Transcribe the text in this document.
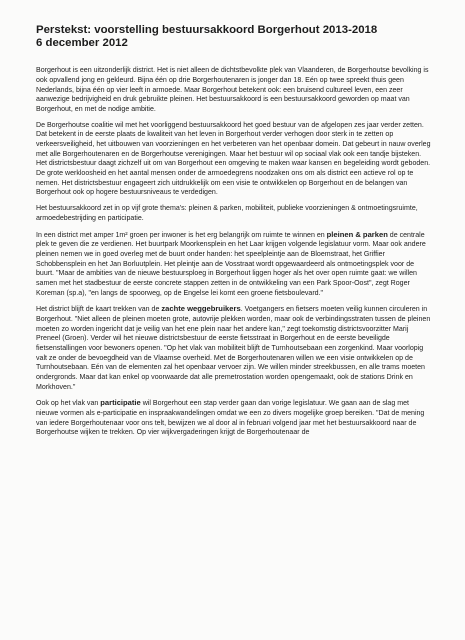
Perstekst: voorstelling bestuursakkoord Borgerhout 2013-2018
6 december 2012

Borgerhout is een uitzonderlijk district. Het is niet alleen de dichtstbevolkte plek van Vlaanderen, de Borgerhoutse bevolking is ook opvallend jong en gekleurd. Bijna één op drie Borgerhoutenaren is jonger dan 18. Eén op twee spreekt thuis geen Nederlands, bijna één op vier leeft in armoede. Maar Borgerhout betekent ook: een bruisend cultureel leven, een zeer aanwezige bedrijvigheid en druk gebruikte pleinen. Het bestuursakkoord is een bestuursakkoord geworden op maat van Borgerhout, en met de nodige ambitie.

De Borgerhoutse coalitie wil met het voorliggend bestuursakkoord het goed bestuur van de afgelopen zes jaar verder zetten. Dat betekent in de eerste plaats de kwaliteit van het leven in Borgerhout verder verhogen door sterk in te zetten op verkeersveiligheid, het uitbouwen van voorzieningen en het verbeteren van het openbaar domein. Dat gebeurt in nauw overleg met alle Borgerhoutenaren en de Borgerhoutse verenigingen. Maar het bestuur wil op sociaal vlak ook een tandje bijsteken. Het districtsbestuur daagt zichzelf uit om van Borgerhout een omgeving te maken waar kansen en begeleiding wordt geboden. De grote werkloosheid en het aantal mensen onder de armoedegrens noodzaken ons om als district een actieve rol op te nemen. Het districtsbestuur engageert zich uitdrukkelijk om een visie te ontwikkelen op Borgerhout en de belangen van Borgerhout ook op hogere bestuursniveaus te verdedigen.

Het bestuursakkoord zet in op vijf grote thema's: pleinen & parken, mobiliteit, publieke voorzieningen & ontmoetingsruimte, armoedebestrijding en participatie.

In een district met amper 1m² groen per inwoner is het erg belangrijk om ruimte te winnen en pleinen & parken de centrale plek te geven die ze verdienen. Het buurtpark Moorkensplein en het Laar krijgen volgende legislatuur vorm. Maar ook andere pleinen nemen we in goed overleg met de buurt onder handen: het speelpleintje aan de Bloemstraat, het Griffier Schobbensplein en het Jan Borluutplein. Het pleintje aan de Vosstraat wordt opgewaardeerd als ontmoetingsplek voor de buurt. "Maar de ambities van de nieuwe bestuursploeg in Borgerhout liggen hoger als het over open ruimte gaat: we willen samen met het stadbestuur de eerste concrete stappen zetten in de ontwikkeling van een Park Spoor-Oost", zegt Roger Koreman (sp.a), "en langs de spoorweg, op de Engelse lei komt een groene fietsboulevard."

Het district blijft de kaart trekken van de zachte weggebruikers. Voetgangers en fietsers moeten veilig kunnen circuleren in Borgerhout. "Niet alleen de pleinen moeten grote, autovrije plekken worden, maar ook de verbindingsstraten tussen de pleinen moeten zo worden ingericht dat je veilig van het ene plein naar het andere kan," zegt toekomstig districtsvoorzitter Marij Preneel (Groen). Verder wil het nieuwe districtsbestuur de eerste fietsstraat in Borgerhout en de eerste beveiligde fietsenstallingen voor bewoners openen. "Op het vlak van mobiliteit blijft de Turnhoutsebaan een zorgenkind. Maar voorlopig valt ze onder de bevoegdheid van de Vlaamse overheid. Met de Borgerhoutenaren willen we een visie ontwikkelen op de Turnhoutsebaan. Eén van de elementen zal het openbaar vervoer zijn. We willen minder streekbussen, en alle trams moeten ondergronds. Maar dat kan enkel op voorwaarde dat alle premetrostation worden opengemaakt, ook de stations Drink en Morkhoven."

Ook op het vlak van participatie wil Borgerhout een stap verder gaan dan vorige legislatuur. We gaan aan de slag met nieuwe vormen als e-participatie en inspraakwandelingen omdat we een zo divers mogelijke groep bereiken. "Dat de mening van iedere Borgerhoutenaar voor ons telt, bewijzen we al door al in februari volgend jaar met het bestuursakkoord naar de Borgerhoutse wijken te trekken. Op vier wijkvergaderingen krijgt de Borgerhoutenaar de
